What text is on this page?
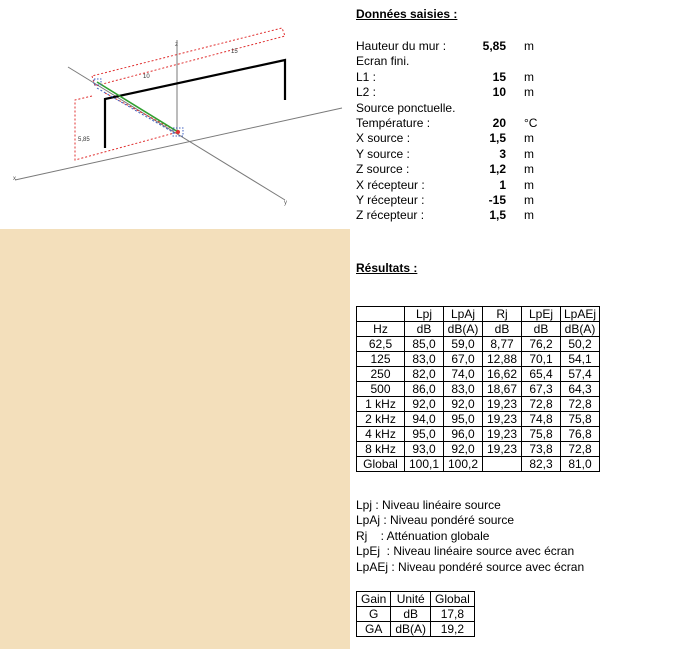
z
x
y
10
15
5,85
Données saisies :
Hauteur du mur :	5,85 m
Ecran fini.
L1 :	15 m
L2 :	10 m
Source ponctuelle.
Température :	20 °C
X source :	1,5 m
Y source :	3 m
Z source :	1,2 m
X récepteur :	1 m
Y récepteur :	-15 m
Z récepteur :	1,5 m
Résultats :
	Lpj	LpAj	Rj	LpEj	LpAEj
Hz	dB	dB(A)	dB	dB	dB(A)
62,5	85,0	59,0	8,77	76,2	50,2
125	83,0	67,0	12,88	70,1	54,1
250	82,0	74,0	16,62	65,4	57,4
500	86,0	83,0	18,67	67,3	64,3
1 kHz	92,0	92,0	19,23	72,8	72,8
2 kHz	94,0	95,0	19,23	74,8	75,8
4 kHz	95,0	96,0	19,23	75,8	76,8
8 kHz	93,0	92,0	19,23	73,8	72,8
Global	100,1	100,2		82,3	81,0
Lpj : Niveau linéaire source
LpAj : Niveau pondéré source
Rj    : Atténuation globale
LpEj  : Niveau linéaire source avec écran
LpAEj : Niveau pondéré source avec écran
Gain	Unité	Global
G	dB	17,8
GA	dB(A)	19,2
